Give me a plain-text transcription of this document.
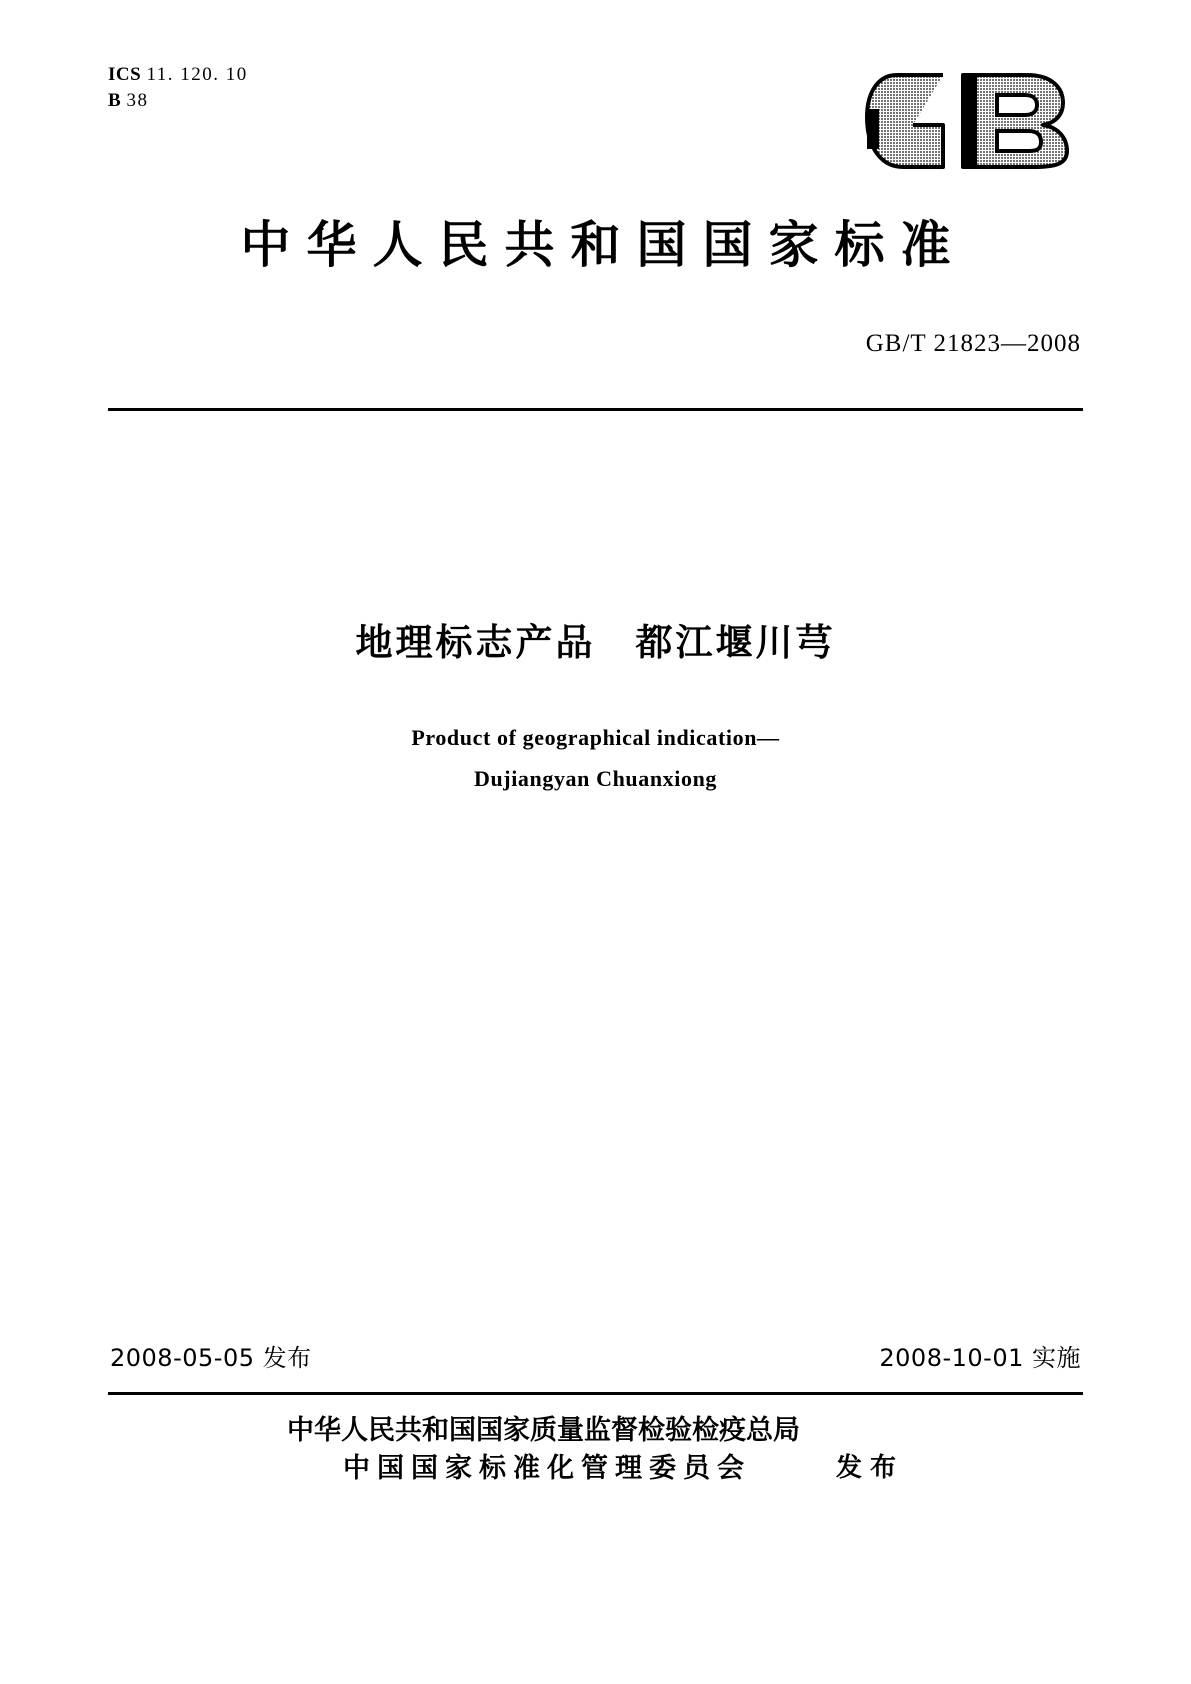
ICS 11. 120. 10
B 38
中华人民共和国国家标准
GB/T 21823—2008
地理标志产品　都江堰川芎
Product of geographical indication—
Dujiangyan Chuanxiong
2008-05-05 发布	2008-10-01 实施
中华人民共和国国家质量监督检验检疫总局
中国国家标准化管理委员会	发布
